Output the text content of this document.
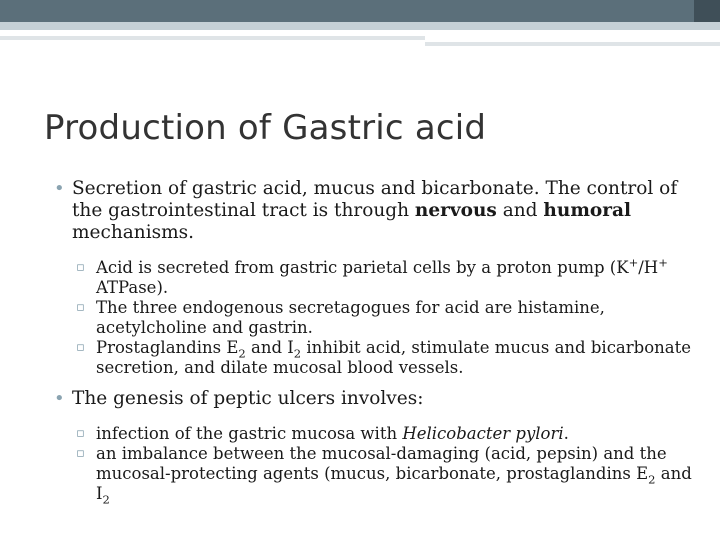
Production of Gastric acid

• Secretion of gastric acid, mucus and bicarbonate. The control of the gastrointestinal tract is through nervous and humoral mechanisms.

▫ Acid is secreted from gastric parietal cells by a proton pump (K+/H+ ATPase).

▫ The three endogenous secretagogues for acid are histamine, acetylcholine and gastrin.

▫ Prostaglandins $E_2$ and $I_2$ inhibit acid, stimulate mucus and bicarbonate secretion, and dilate mucosal blood vessels.

• The genesis of peptic ulcers involves:

▫ infection of the gastric mucosa with Helicobacter pylori.

▫ an imbalance between the mucosal-damaging (acid, pepsin) and the mucosal-protecting agents (mucus, bicarbonate, prostaglandins $E_2$ and $I_2$
